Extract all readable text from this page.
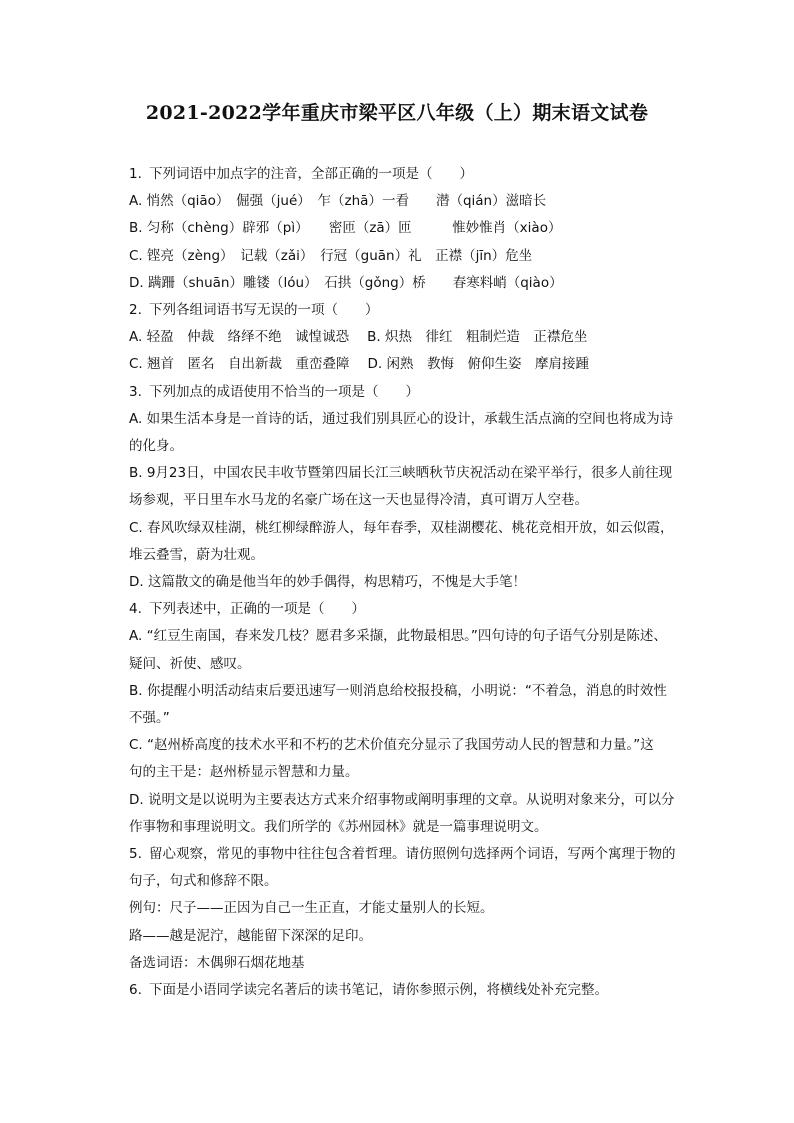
2021-2022学年重庆市梁平区八年级（上）期末语文试卷
1. 下列词语中加点字的注音，全部正确的一项是（　　）
A. 悄然（qiāo）　倔强（jué）　乍（zhā）一看　　潜（qián）滋暗长
B. 匀称（chèng）辟邪（pì）　　密匝（zā）匝　　　惟妙惟肖（xiào）
C. 铿亮（zèng）　记载（zǎi）　行冠（guān）礼　正襟（jīn）危坐
D. 蹒跚（shuān）雕镂（lóu）　石拱（gǒng）桥　　春寒料峭（qiào）
2. 下列各组词语书写无误的一项（　　）
A. 轻盈　仲裁　络绎不绝　诚惶诚恐 B. 炽热　徘红　粗制烂造　正襟危坐
C. 翘首　匿名　自出新裁　重峦叠障 D. 闲熟　教悔　俯仰生姿　摩肩接踵
3. 下列加点的成语使用不恰当的一项是（　　）
A. 如果生活本身是一首诗的话，通过我们别具匠心的设计，承载生活点滴的空间也将成为诗
的化身。
B. 9月23日，中国农民丰收节暨第四届长江三峡晒秋节庆祝活动在梁平举行，很多人前往现
场参观，平日里车水马龙的名豪广场在这一天也显得冷清，真可谓万人空巷。
C. 春风吹绿双桂湖，桃红柳绿醉游人，每年春季，双桂湖樱花、桃花竞相开放，如云似霞，
堆云叠雪，蔚为壮观。
D. 这篇散文的确是他当年的妙手偶得，构思精巧，不愧是大手笔！
4. 下列表述中，正确的一项是（　　）
A. “红豆生南国，春来发几枝？愿君多采撷，此物最相思。”四句诗的句子语气分别是陈述、
疑问、祈使、感叹。
B. 你提醒小明活动结束后要迅速写一则消息给校报投稿，小明说：“不着急，消息的时效性
不强。”
C. “赵州桥高度的技术水平和不朽的艺术价值充分显示了我国劳动人民的智慧和力量。”这
句的主干是：赵州桥显示智慧和力量。
D. 说明文是以说明为主要表达方式来介绍事物或阐明事理的文章。从说明对象来分，可以分
作事物和事理说明文。我们所学的《苏州园林》就是一篇事理说明文。
5. 留心观察，常见的事物中往往包含着哲理。请仿照例句选择两个词语，写两个寓理于物的
句子，句式和修辞不限。
例句：尺子——正因为自己一生正直，才能丈量别人的长短。
路——越是泥泞，越能留下深深的足印。
备选词语：木偶卵石烟花地基
6. 下面是小语同学读完名著后的读书笔记，请你参照示例，将横线处补充完整。
